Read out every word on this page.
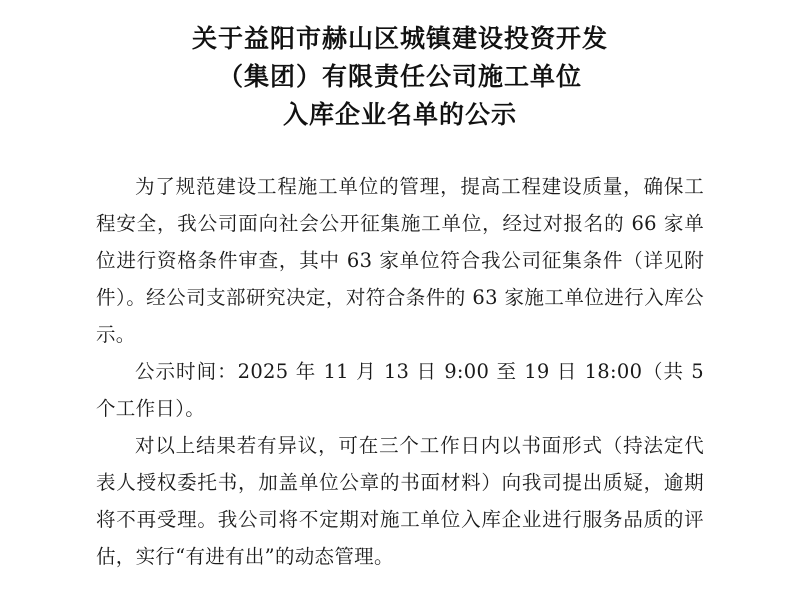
关于益阳市赫山区城镇建设投资开发
（集团）有限责任公司施工单位
入库企业名单的公示

为了规范建设工程施工单位的管理，提高工程建设质量，确保工程安全，我公司面向社会公开征集施工单位，经过对报名的 66 家单位进行资格条件审查，其中 63 家单位符合我公司征集条件（详见附件）。经公司支部研究决定，对符合条件的 63 家施工单位进行入库公示。

公示时间：2025 年 11 月 13 日 9:00 至 19 日 18:00（共 5 个工作日）。

对以上结果若有异议，可在三个工作日内以书面形式（持法定代表人授权委托书，加盖单位公章的书面材料）向我司提出质疑，逾期将不再受理。我公司将不定期对施工单位入库企业进行服务品质的评估，实行“有进有出”的动态管理。
